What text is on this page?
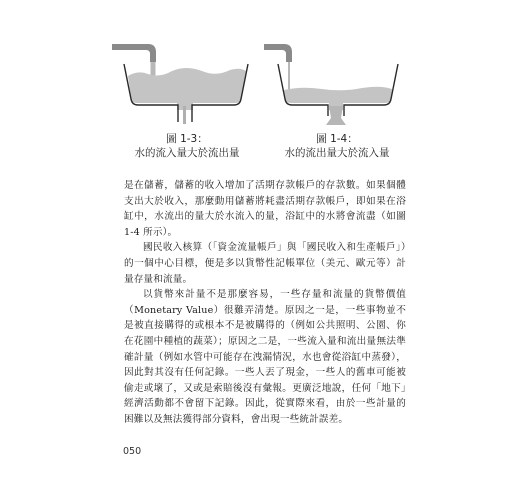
圖 1-3：
水的流入量大於流出量
圖 1-4：
水的流出量大於流入量

是在儲蓄，儲蓄的收入增加了活期存款帳戶的存款數。如果個體支出大於收入，那麼動用儲蓄將耗盡活期存款帳戶，即如果在浴缸中，水流出的量大於水流入的量，浴缸中的水將會流盡（如圖 1-4 所示）。

國民收入核算（「資金流量帳戶」與「國民收入和生產帳戶」）的一個中心目標，便是多以貨幣性記帳單位（美元、歐元等）計量存量和流量。

以貨幣來計量不是那麼容易，一些存量和流量的貨幣價值（Monetary Value）很難弄清楚。原因之一是，一些事物並不是被直接購得的或根本不是被購得的（例如公共照明、公園、你在花園中種植的蔬菜）；原因之二是，一些流入量和流出量無法準確計量（例如水管中可能存在洩漏情況，水也會從浴缸中蒸發），因此對其沒有任何記錄。一些人丟了現金，一些人的舊車可能被偷走或壞了，又或是索賠後沒有彙報。更廣泛地說，任何「地下」經濟活動都不會留下記錄。因此，從實際來看，由於一些計量的困難以及無法獲得部分資料，會出現一些統計誤差。

050
